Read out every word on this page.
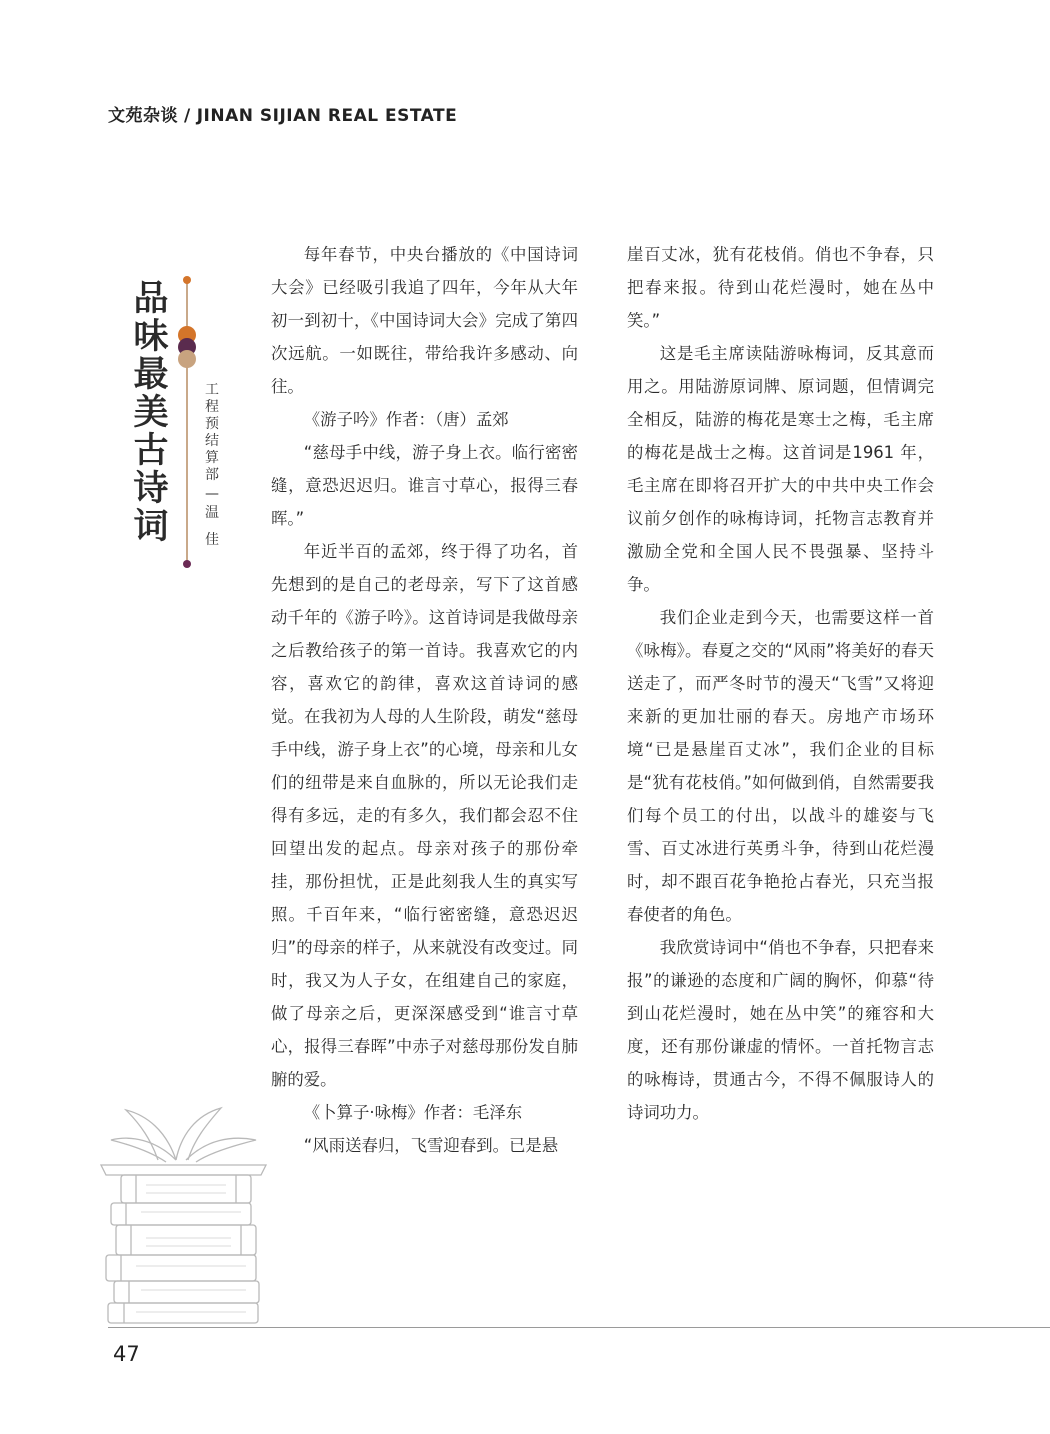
文苑杂谈 / JINAN SIJIAN REAL ESTATE
品味最美古诗词
工程预结算部
—
温
佳

每年春节，中央台播放的《中国诗词大会》已经吸引我追了四年，今年从大年初一到初十，《中国诗词大会》完成了第四次远航。一如既往，带给我许多感动、向往。

《游子吟》作者：（唐）孟郊

“慈母手中线，游子身上衣。临行密密缝，意恐迟迟归。谁言寸草心，报得三春晖。”

年近半百的孟郊，终于得了功名，首先想到的是自己的老母亲，写下了这首感动千年的《游子吟》。这首诗词是我做母亲之后教给孩子的第一首诗。我喜欢它的内容，喜欢它的韵律，喜欢这首诗词的感觉。在我初为人母的人生阶段，萌发“慈母手中线，游子身上衣”的心境，母亲和儿女们的纽带是来自血脉的，所以无论我们走得有多远，走的有多久，我们都会忍不住回望出发的起点。母亲对孩子的那份牵挂，那份担忧，正是此刻我人生的真实写照。千百年来，“临行密密缝，意恐迟迟归”的母亲的样子，从来就没有改变过。同时，我又为人子女，在组建自己的家庭，做了母亲之后，更深深感受到“谁言寸草心，报得三春晖”中赤子对慈母那份发自肺腑的爱。

《卜算子·咏梅》作者：毛泽东

“风雨送春归，飞雪迎春到。已是悬

崖百丈冰，犹有花枝俏。俏也不争春，只把春来报。待到山花烂漫时，她在丛中笑。”

这是毛主席读陆游咏梅词，反其意而用之。用陆游原词牌、原词题，但情调完全相反，陆游的梅花是寒士之梅，毛主席的梅花是战士之梅。这首词是1961 年，毛主席在即将召开扩大的中共中央工作会议前夕创作的咏梅诗词，托物言志教育并激励全党和全国人民不畏强暴、坚持斗争。

我们企业走到今天，也需要这样一首《咏梅》。春夏之交的“风雨”将美好的春天送走了，而严冬时节的漫天“飞雪”又将迎来新的更加壮丽的春天。房地产市场环境“已是悬崖百丈冰”，我们企业的目标是“犹有花枝俏。”如何做到俏，自然需要我们每个员工的付出，以战斗的雄姿与飞雪、百丈冰进行英勇斗争，待到山花烂漫时，却不跟百花争艳抢占春光，只充当报春使者的角色。

我欣赏诗词中“俏也不争春，只把春来报”的谦逊的态度和广阔的胸怀，仰慕“待到山花烂漫时，她在丛中笑”的雍容和大度，还有那份谦虚的情怀。一首托物言志的咏梅诗，贯通古今，不得不佩服诗人的诗词功力。

47
